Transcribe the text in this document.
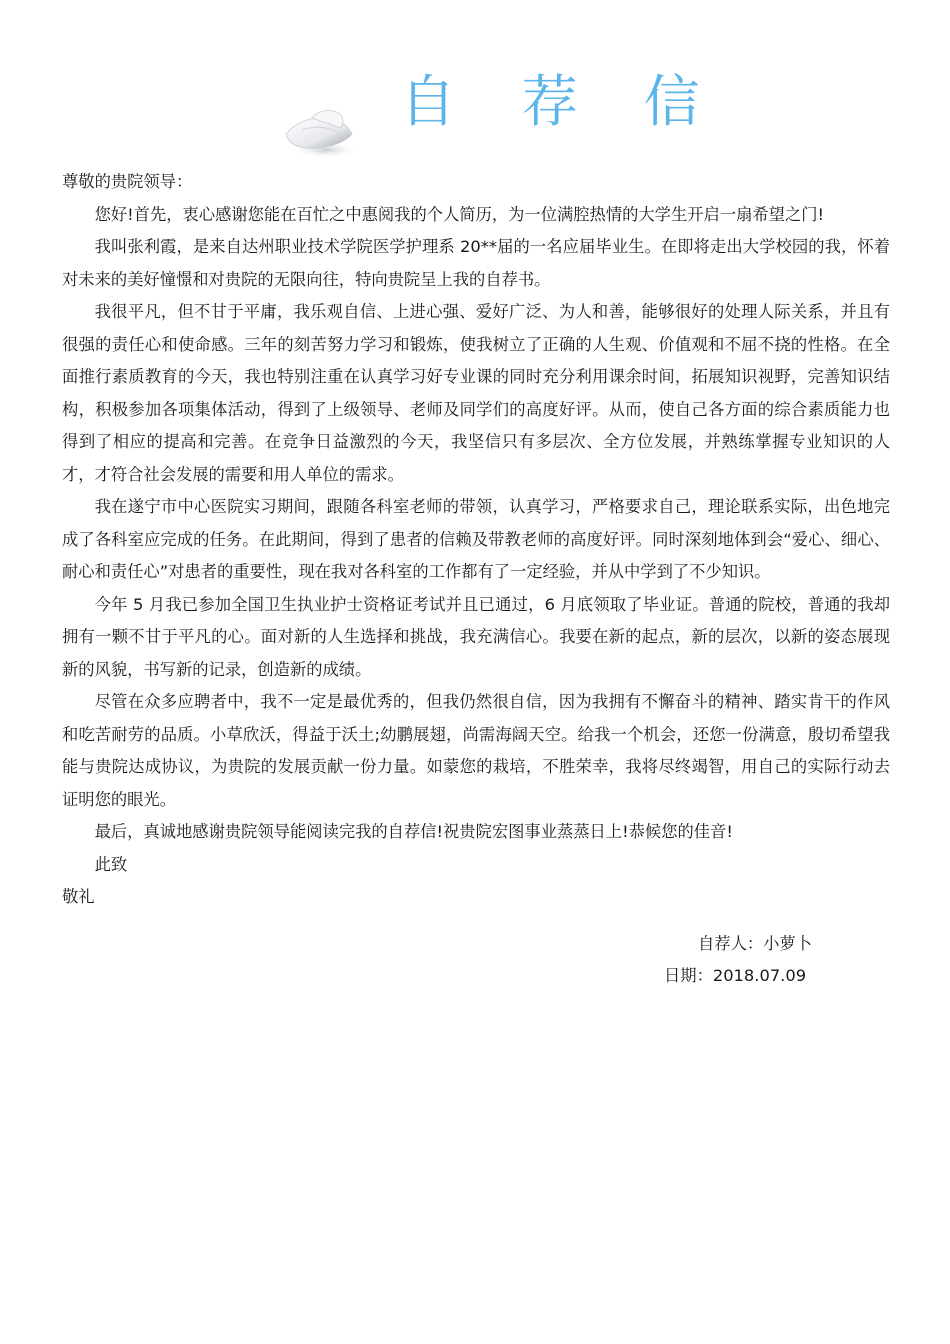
自 荐 信

尊敬的贵院领导：

您好!首先，衷心感谢您能在百忙之中惠阅我的个人简历，为一位满腔热情的大学生开启一扇希望之门!

我叫张利霞，是来自达州职业技术学院医学护理系 20**届的一名应届毕业生。在即将走出大学校园的我，怀着对未来的美好憧憬和对贵院的无限向往，特向贵院呈上我的自荐书。

我很平凡，但不甘于平庸，我乐观自信、上进心强、爱好广泛、为人和善，能够很好的处理人际关系，并且有很强的责任心和使命感。三年的刻苦努力学习和锻炼，使我树立了正确的人生观、价值观和不屈不挠的性格。在全面推行素质教育的今天，我也特别注重在认真学习好专业课的同时充分利用课余时间，拓展知识视野，完善知识结构，积极参加各项集体活动，得到了上级领导、老师及同学们的高度好评。从而，使自己各方面的综合素质能力也得到了相应的提高和完善。在竞争日益激烈的今天，我坚信只有多层次、全方位发展，并熟练掌握专业知识的人才，才符合社会发展的需要和用人单位的需求。

我在遂宁市中心医院实习期间，跟随各科室老师的带领，认真学习，严格要求自己，理论联系实际，出色地完成了各科室应完成的任务。在此期间，得到了患者的信赖及带教老师的高度好评。同时深刻地体到会“爱心、细心、耐心和责任心”对患者的重要性，现在我对各科室的工作都有了一定经验，并从中学到了不少知识。

今年 5 月我已参加全国卫生执业护士资格证考试并且已通过，6 月底领取了毕业证。普通的院校，普通的我却拥有一颗不甘于平凡的心。面对新的人生选择和挑战，我充满信心。我要在新的起点，新的层次，以新的姿态展现新的风貌，书写新的记录，创造新的成绩。

尽管在众多应聘者中，我不一定是最优秀的，但我仍然很自信，因为我拥有不懈奋斗的精神、踏实肯干的作风和吃苦耐劳的品质。小草欣沃，得益于沃土;幼鹏展翅，尚需海阔天空。给我一个机会，还您一份满意，殷切希望我能与贵院达成协议，为贵院的发展贡献一份力量。如蒙您的栽培，不胜荣幸，我将尽终竭智，用自己的实际行动去证明您的眼光。

最后，真诚地感谢贵院领导能阅读完我的自荐信!祝贵院宏图事业蒸蒸日上!恭候您的佳音!

此致

敬礼

自荐人：小萝卜
日期：2018.07.09
